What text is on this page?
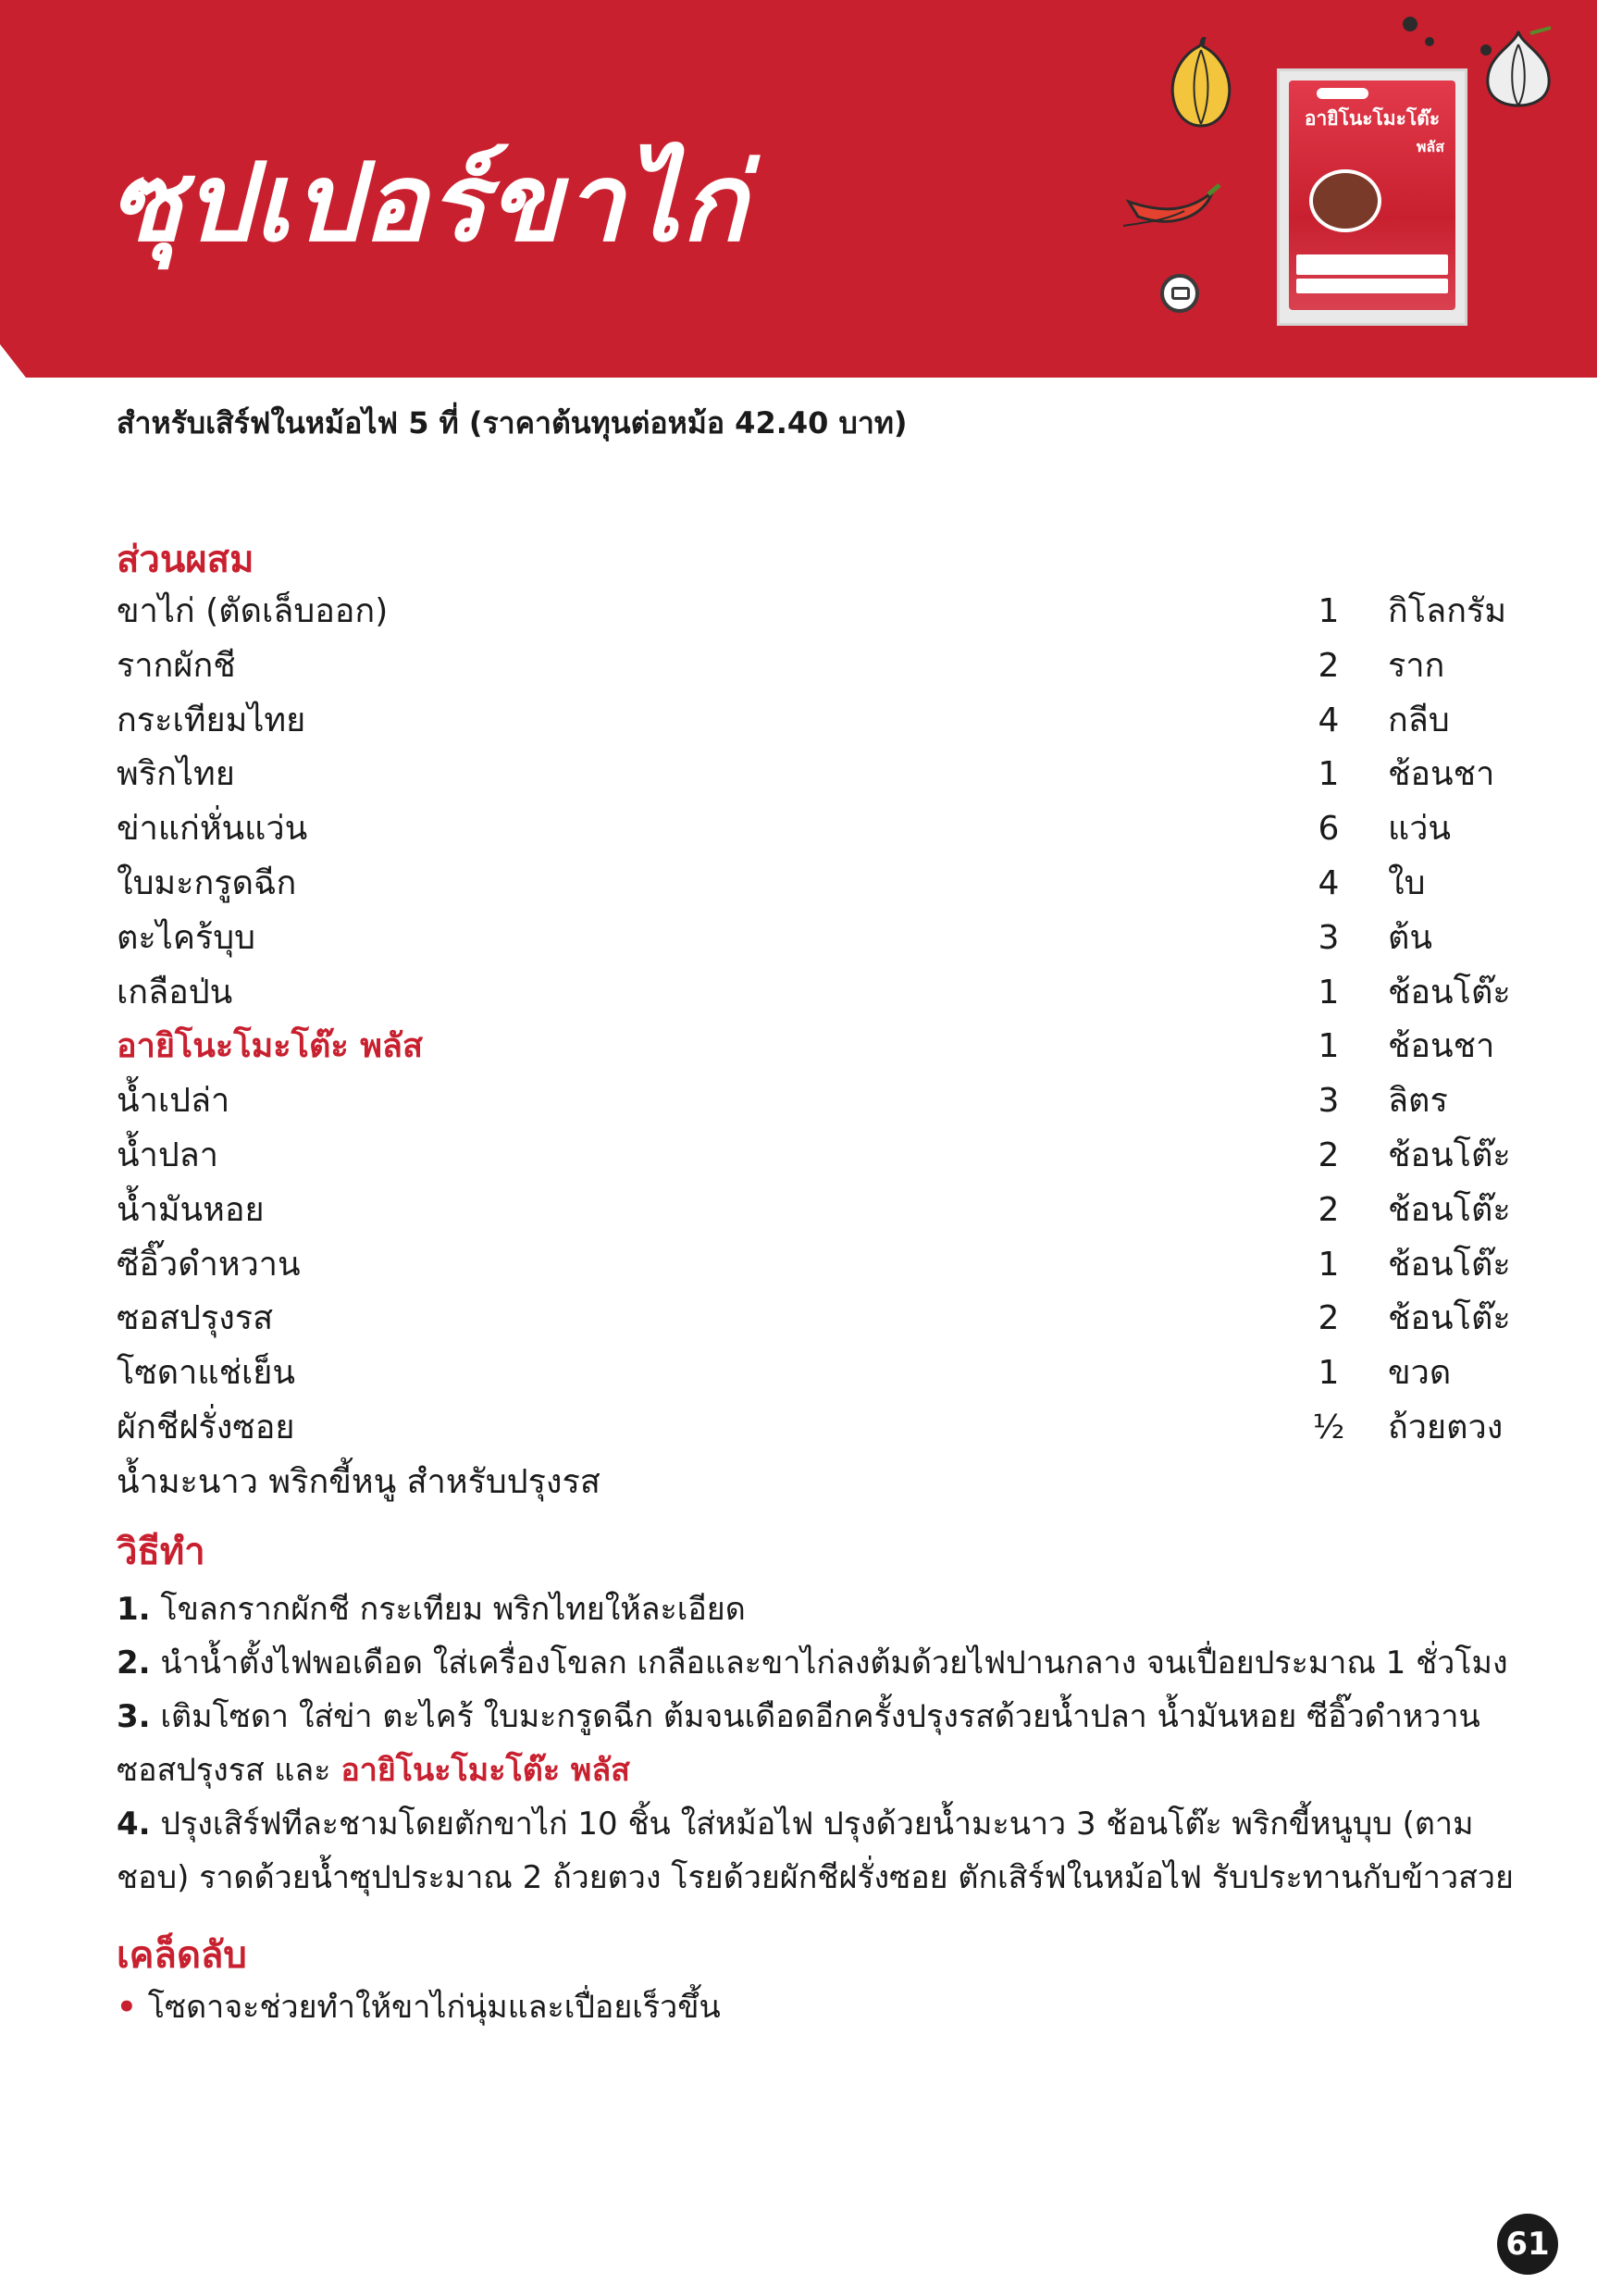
ซุปเปอร์ขาไก่
อายิโนะโมะโต๊ะ
พลัส

สำหรับเสิร์ฟในหม้อไฟ 5 ที่ (ราคาต้นทุนต่อหม้อ 42.40 บาท)

ส่วนผสม
ขาไก่ (ตัดเล็บออก)	1	กิโลกรัม
รากผักชี	2	ราก
กระเทียมไทย	4	กลีบ
พริกไทย	1	ช้อนชา
ข่าแก่หั่นแว่น	6	แว่น
ใบมะกรูดฉีก	4	ใบ
ตะไคร้บุบ	3	ต้น
เกลือป่น	1	ช้อนโต๊ะ
อายิโนะโมะโต๊ะ พลัส	1	ช้อนชา
น้ำเปล่า	3	ลิตร
น้ำปลา	2	ช้อนโต๊ะ
น้ำมันหอย	2	ช้อนโต๊ะ
ซีอิ๊วดำหวาน	1	ช้อนโต๊ะ
ซอสปรุงรส	2	ช้อนโต๊ะ
โซดาแช่เย็น	1	ขวด
ผักชีฝรั่งซอย	½	ถ้วยตวง
น้ำมะนาว พริกขี้หนู สำหรับปรุงรส
วิธีทำ

1. โขลกรากผักชี กระเทียม พริกไทยให้ละเอียด

2. นำน้ำตั้งไฟพอเดือด ใส่เครื่องโขลก เกลือและขาไก่ลงต้มด้วยไฟปานกลาง จนเปื่อยประมาณ 1 ชั่วโมง

3. เติมโซดา ใส่ข่า ตะไคร้ ใบมะกรูดฉีก ต้มจนเดือดอีกครั้งปรุงรสด้วยน้ำปลา น้ำมันหอย ซีอิ๊วดำหวาน ซอสปรุงรส และ อายิโนะโมะโต๊ะ พลัส

4. ปรุงเสิร์ฟทีละชามโดยตักขาไก่ 10 ชิ้น ใส่หม้อไฟ ปรุงด้วยน้ำมะนาว 3 ช้อนโต๊ะ พริกขี้หนูบุบ (ตามชอบ) ราดด้วยน้ำซุปประมาณ 2 ถ้วยตวง โรยด้วยผักชีฝรั่งซอย ตักเสิร์ฟในหม้อไฟ รับประทานกับข้าวสวย

เคล็ดลับ

• โซดาจะช่วยทำให้ขาไก่นุ่มและเปื่อยเร็วขึ้น

61
